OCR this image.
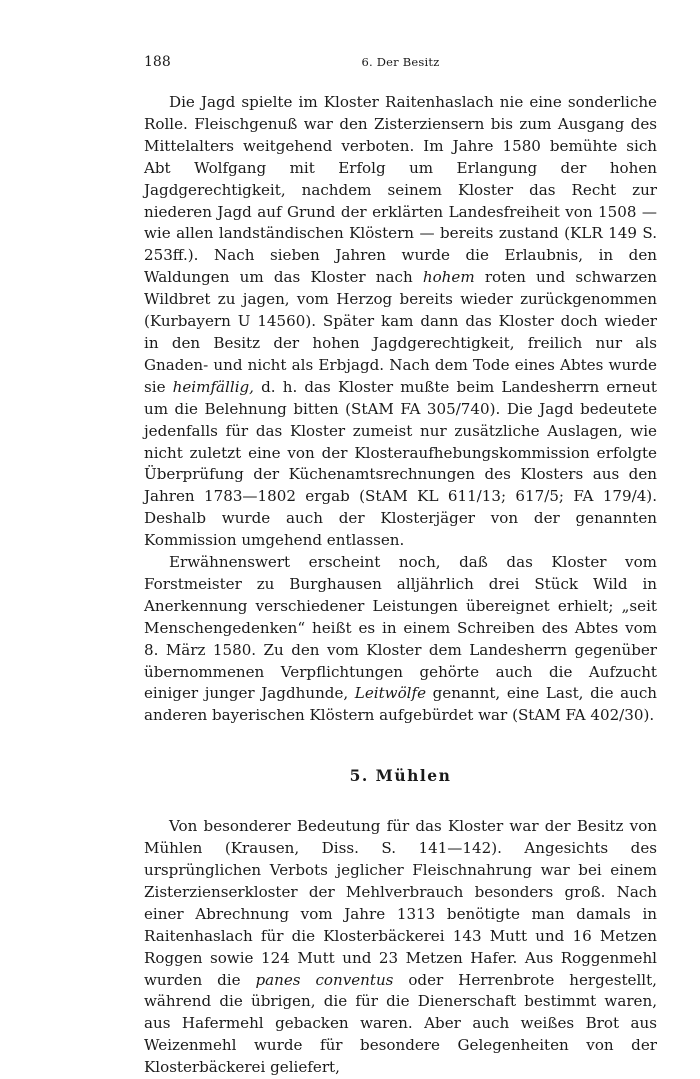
188	6. Der Besitz

Die Jagd spielte im Kloster Raitenhaslach nie eine sonderliche Rolle. Fleischgenuß war den Zisterziensern bis zum Ausgang des Mittelalters weitgehend verboten. Im Jahre 1580 bemühte sich Abt Wolfgang mit Erfolg um Erlangung der hohen Jagdgerechtigkeit, nachdem seinem Kloster das Recht zur niederen Jagd auf Grund der erklärten Landesfreiheit von 1508 — wie allen landständischen Klöstern — bereits zustand (KLR 149 S. 253ff.). Nach sieben Jahren wurde die Erlaubnis, in den Waldungen um das Kloster nach hohem roten und schwarzen Wildbret zu jagen, vom Herzog bereits wieder zurückgenommen (Kurbayern U 14560). Später kam dann das Kloster doch wieder in den Besitz der hohen Jagdgerechtigkeit, freilich nur als Gnaden- und nicht als Erbjagd. Nach dem Tode eines Abtes wurde sie heimfällig, d. h. das Kloster mußte beim Landesherrn erneut um die Belehnung bitten (StAM FA 305/740). Die Jagd bedeutete jedenfalls für das Kloster zumeist nur zusätzliche Auslagen, wie nicht zuletzt eine von der Klosteraufhebungskommission erfolgte Überprüfung der Küchenamtsrechnungen des Klosters aus den Jahren 1783—1802 ergab (StAM KL 611/13; 617/5; FA 179/4). Deshalb wurde auch der Klosterjäger von der genannten Kommission umgehend entlassen.

Erwähnenswert erscheint noch, daß das Kloster vom Forstmeister zu Burghausen alljährlich drei Stück Wild in Anerkennung verschiedener Leistungen übereignet erhielt; „seit Menschengedenken“ heißt es in einem Schreiben des Abtes vom 8. März 1580. Zu den vom Kloster dem Landesherrn gegenüber übernommenen Verpflichtungen gehörte auch die Aufzucht einiger junger Jagdhunde, Leitwölfe genannt, eine Last, die auch anderen bayerischen Klöstern aufgebürdet war (StAM FA 402/30).

5. Mühlen

Von besonderer Bedeutung für das Kloster war der Besitz von Mühlen (Krausen, Diss. S. 141—142). Angesichts des ursprünglichen Verbots jeglicher Fleischnahrung war bei einem Zisterzienserkloster der Mehlverbrauch besonders groß. Nach einer Abrechnung vom Jahre 1313 benötigte man damals in Raitenhaslach für die Klosterbäckerei 143 Mutt und 16 Metzen Roggen sowie 124 Mutt und 23 Metzen Hafer. Aus Roggenmehl wurden die panes conventus oder Herrenbrote hergestellt, während die übrigen, die für die Dienerschaft bestimmt waren, aus Hafermehl gebacken waren. Aber auch weißes Brot aus Weizenmehl wurde für besondere Gelegenheiten von der Klosterbäckerei geliefert,
